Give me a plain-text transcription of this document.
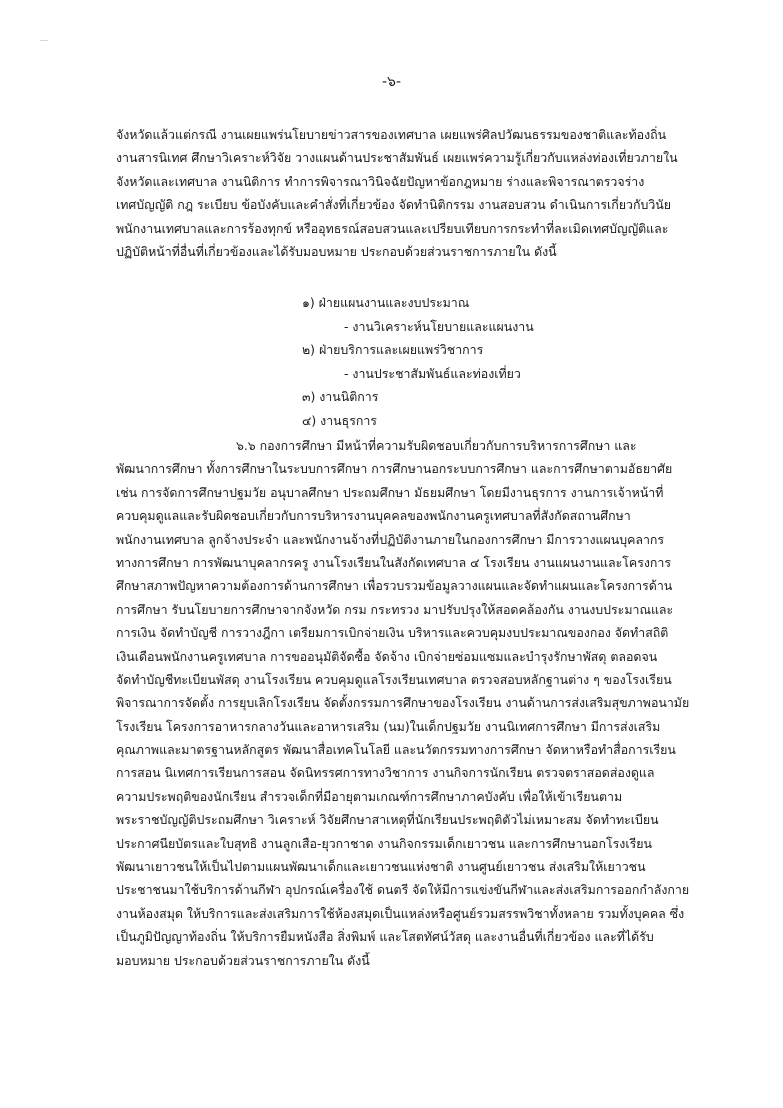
-๖-
จังหวัดแล้วแต่กรณี งานเผยแพร่นโยบายข่าวสารของเทศบาล เผยแพร่ศิลปวัฒนธรรมของชาติและท้องถิ่น
งานสารนิเทศ ศึกษาวิเคราะห์วิจัย วางแผนด้านประชาสัมพันธ์ เผยแพร่ความรู้เกี่ยวกับแหล่งท่องเที่ยวภายใน
จังหวัดและเทศบาล งานนิติการ ทำการพิจารณาวินิจฉัยปัญหาข้อกฎหมาย ร่างและพิจารณาตรวจร่าง
เทศบัญญัติ กฎ ระเบียบ ข้อบังคับและคำสั่งที่เกี่ยวข้อง จัดทำนิติกรรม งานสอบสวน ดำเนินการเกี่ยวกับวินัย
พนักงานเทศบาลและการร้องทุกข์ หรืออุทธรณ์สอบสวนและเปรียบเทียบการกระทำที่ละเมิดเทศบัญญัติและ
ปฏิบัติหน้าที่อื่นที่เกี่ยวข้องและได้รับมอบหมาย ประกอบด้วยส่วนราชการภายใน ดังนี้
๑) ฝ่ายแผนงานและงบประมาณ
- งานวิเคราะห์นโยบายและแผนงาน
๒) ฝ่ายบริการและเผยแพร่วิชาการ
- งานประชาสัมพันธ์และท่องเที่ยว
๓) งานนิติการ
๔) งานธุรการ
๖.๖ กองการศึกษา มีหน้าที่ความรับผิดชอบเกี่ยวกับการบริหารการศึกษา และ
พัฒนาการศึกษา ทั้งการศึกษาในระบบการศึกษา การศึกษานอกระบบการศึกษา และการศึกษาตามอัธยาศัย
เช่น การจัดการศึกษาปฐมวัย อนุบาลศึกษา ประถมศึกษา มัธยมศึกษา โดยมีงานธุรการ งานการเจ้าหน้าที่
ควบคุมดูแลและรับผิดชอบเกี่ยวกับการบริหารงานบุคคลของพนักงานครูเทศบาลที่สังกัดสถานศึกษา
พนักงานเทศบาล ลูกจ้างประจำ และพนักงานจ้างที่ปฏิบัติงานภายในกองการศึกษา มีการวางแผนบุคลากร
ทางการศึกษา การพัฒนาบุคลากรครู งานโรงเรียนในสังกัดเทศบาล ๔ โรงเรียน งานแผนงานและโครงการ
ศึกษาสภาพปัญหาความต้องการด้านการศึกษา เพื่อรวบรวมข้อมูลวางแผนและจัดทำแผนและโครงการด้าน
การศึกษา รับนโยบายการศึกษาจากจังหวัด กรม กระทรวง มาปรับปรุงให้สอดคล้องกัน งานงบประมาณและ
การเงิน จัดทำบัญชี การวางฎีกา เตรียมการเบิกจ่ายเงิน บริหารและควบคุมงบประมาณของกอง จัดทำสถิติ
เงินเดือนพนักงานครูเทศบาล การขออนุมัติจัดซื้อ จัดจ้าง เบิกจ่ายซ่อมแซมและบำรุงรักษาพัสดุ ตลอดจน
จัดทำบัญชีทะเบียนพัสดุ งานโรงเรียน ควบคุมดูแลโรงเรียนเทศบาล ตรวจสอบหลักฐานต่าง ๆ ของโรงเรียน
พิจารณาการจัดตั้ง การยุบเลิกโรงเรียน จัดตั้งกรรมการศึกษาของโรงเรียน งานด้านการส่งเสริมสุขภาพอนามัย
โรงเรียน โครงการอาหารกลางวันและอาหารเสริม (นม)ในเด็กปฐมวัย งานนิเทศการศึกษา มีการส่งเสริม
คุณภาพและมาตรฐานหลักสูตร พัฒนาสื่อเทคโนโลยี และนวัตกรรมทางการศึกษา จัดหาหรือทำสื่อการเรียน
การสอน นิเทศการเรียนการสอน จัดนิทรรศการทางวิชาการ งานกิจการนักเรียน ตรวจตราสอดส่องดูแล
ความประพฤติของนักเรียน สำรวจเด็กที่มีอายุตามเกณฑ์การศึกษาภาคบังคับ เพื่อให้เข้าเรียนตาม
พระราชบัญญัติประถมศึกษา วิเคราะห์ วิจัยศึกษาสาเหตุที่นักเรียนประพฤติตัวไม่เหมาะสม จัดทำทะเบียน
ประกาศนียบัตรและใบสุทธิ งานลูกเสือ-ยุวกาชาด งานกิจกรรมเด็กเยาวชน และการศึกษานอกโรงเรียน
พัฒนาเยาวชนให้เป็นไปตามแผนพัฒนาเด็กและเยาวชนแห่งชาติ งานศูนย์เยาวชน ส่งเสริมให้เยาวชน
ประชาชนมาใช้บริการด้านกีฬา อุปกรณ์เครื่องใช้ ดนตรี จัดให้มีการแข่งขันกีฬาและส่งเสริมการออกกำลังกาย
งานห้องสมุด ให้บริการและส่งเสริมการใช้ห้องสมุดเป็นแหล่งหรือศูนย์รวมสรรพวิชาทั้งหลาย รวมทั้งบุคคล ซึ่ง
เป็นภูมิปัญญาท้องถิ่น ให้บริการยืมหนังสือ สิ่งพิมพ์ และโสตทัศน์วัสดุ และงานอื่นที่เกี่ยวข้อง และที่ได้รับ
มอบหมาย ประกอบด้วยส่วนราชการภายใน ดังนี้
